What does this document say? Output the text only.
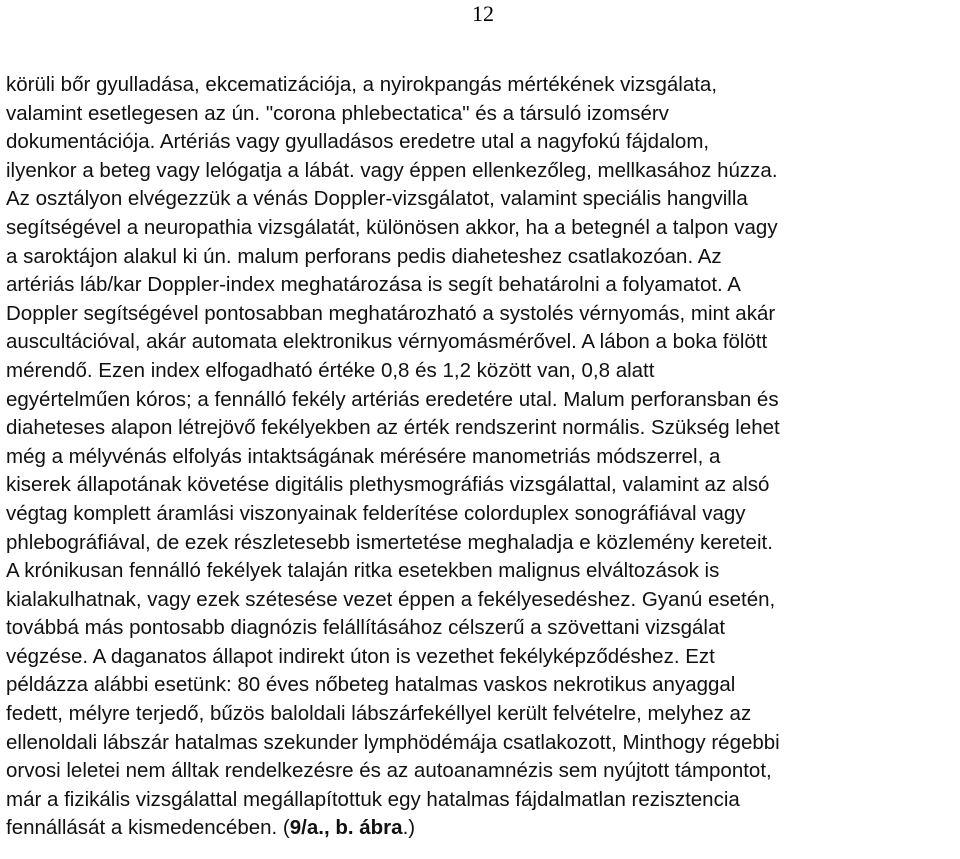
12
körüli bőr gyulladása, ekcematizációja, a nyirokpangás mértékének vizsgálata,
valamint esetlegesen az ún. "corona phlebectatica" és a társuló izomsérv
dokumentációja. Artériás vagy gyulladásos eredetre utal a nagyfokú fájdalom,
ilyenkor a beteg vagy lelógatja a lábát. vagy éppen ellenkezőleg, mellkasához húzza.
Az osztályon elvégezzük a vénás Doppler-vizsgálatot, valamint speciális hangvilla
segítségével a neuropathia vizsgálatát, különösen akkor, ha a betegnél a talpon vagy
a saroktájon alakul ki ún. malum perforans pedis diaheteshez csatlakozóan. Az
artériás láb/kar Doppler-index meghatározása is segít behatárolni a folyamatot. A
Doppler segítségével pontosabban meghatározható a systolés vérnyomás, mint akár
auscultációval, akár automata elektronikus vérnyomásmérővel. A lábon a boka fölött
mérendő. Ezen index elfogadható értéke 0,8 és 1,2 között van, 0,8 alatt
egyértelműen kóros; a fennálló fekély artériás eredetére utal. Malum perforansban és
diaheteses alapon létrejövő fekélyekben az érték rendszerint normális. Szükség lehet
még a mélyvénás elfolyás intaktságának mérésére manometriás módszerrel, a
kiserek állapotának követése digitális plethysmográfiás vizsgálattal, valamint az alsó
végtag komplett áramlási viszonyainak felderítése colorduplex sonográfiával vagy
phlebográfiával, de ezek részletesebb ismertetése meghaladja e közlemény kereteit.
A krónikusan fennálló fekélyek talaján ritka esetekben malignus elváltozások is
kialakulhatnak, vagy ezek szétesése vezet éppen a fekélyesedéshez. Gyanú esetén,
továbbá más pontosabb diagnózis felállításához célszerű a szövettani vizsgálat
végzése. A daganatos állapot indirekt úton is vezethet fekélyképződéshez. Ezt
példázza alábbi esetünk: 80 éves nőbeteg hatalmas vaskos nekrotikus anyaggal
fedett, mélyre terjedő, bűzös baloldali lábszárfekéllyel került felvételre, melyhez az
ellenoldali lábszár hatalmas szekunder lymphödémája csatlakozott, Minthogy régebbi
orvosi leletei nem álltak rendelkezésre és az autoanamnézis sem nyújtott támpontot,
már a fizikális vizsgálattal megállapítottuk egy hatalmas fájdalmatlan rezisztencia
fennállását a kismedencében. (9/a., b. ábra.)
